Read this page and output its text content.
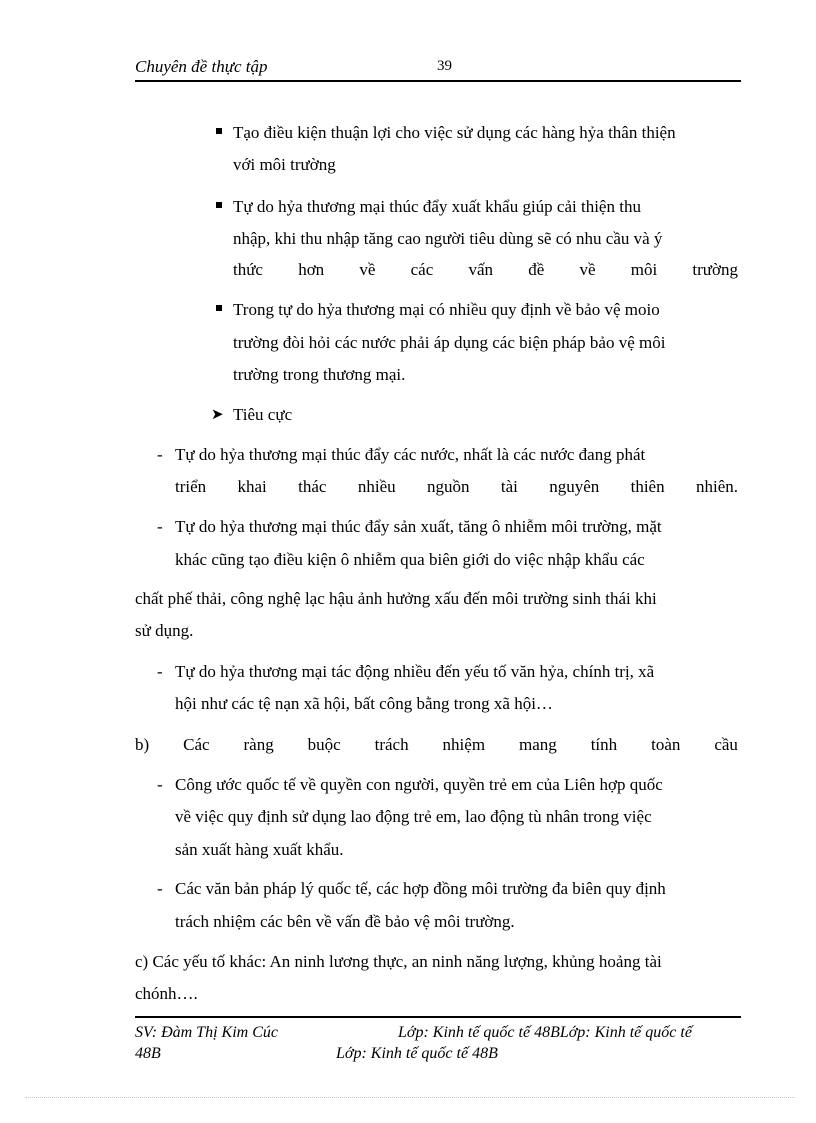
Chuyên đề thực tập	39
Tạo điều kiện thuận lợi cho việc sử dụng các hàng hỷa thân thiện
với môi trường
Tự do hỷa thương mại thúc đẩy xuất khẩu giúp cải thiện thu
nhập, khi thu nhập tăng cao người tiêu dùng sẽ có nhu cầu và ý
thức hơn về các vấn đề về môi trường
Trong tự do hỷa thương mại có nhiều quy định về bảo vệ moio
trường đòi hỏi các nước phải áp dụng các biện pháp bảo vệ môi
trường trong thương mại.
➤ Tiêu cực
- Tự do hỷa thương mại thúc đẩy các nước, nhất là các nước đang phát
triển khai thác nhiều nguồn tài nguyên thiên nhiên.
- Tự do hỷa thương mại thúc đẩy sản xuất, tăng ô nhiễm môi trường, mặt
khác cũng tạo điều kiện ô nhiễm qua biên giới do việc nhập khẩu các
chất phế thải, công nghệ lạc hậu ảnh hưởng xấu đến môi trường sinh thái khi
sử dụng.
- Tự do hỷa thương mại tác động nhiều đến yếu tố văn hỷa, chính trị, xã
hội như các tệ nạn xã hội, bất công bằng trong xã hội…
b) Các ràng buộc trách nhiệm mang tính toàn cầu
- Công ước quốc tế về quyền con người, quyền trẻ em của Liên hợp quốc
về việc quy định sử dụng lao động trẻ em, lao động tù nhân trong việc
sản xuất hàng xuất khẩu.
- Các văn bản pháp lý quốc tế, các hợp đồng môi trường đa biên quy định
trách nhiệm các bên về vấn đề bảo vệ môi trường.
c) Các yếu tố khác: An ninh lương thực, an ninh năng lượng, khủng hoảng tài
chónh….
SV: Đàm Thị Kim Cúc	Lớp: Kinh tế quốc tế 48BLớp: Kinh tế quốc tế
48B	Lớp: Kinh tế quốc tế 48B
